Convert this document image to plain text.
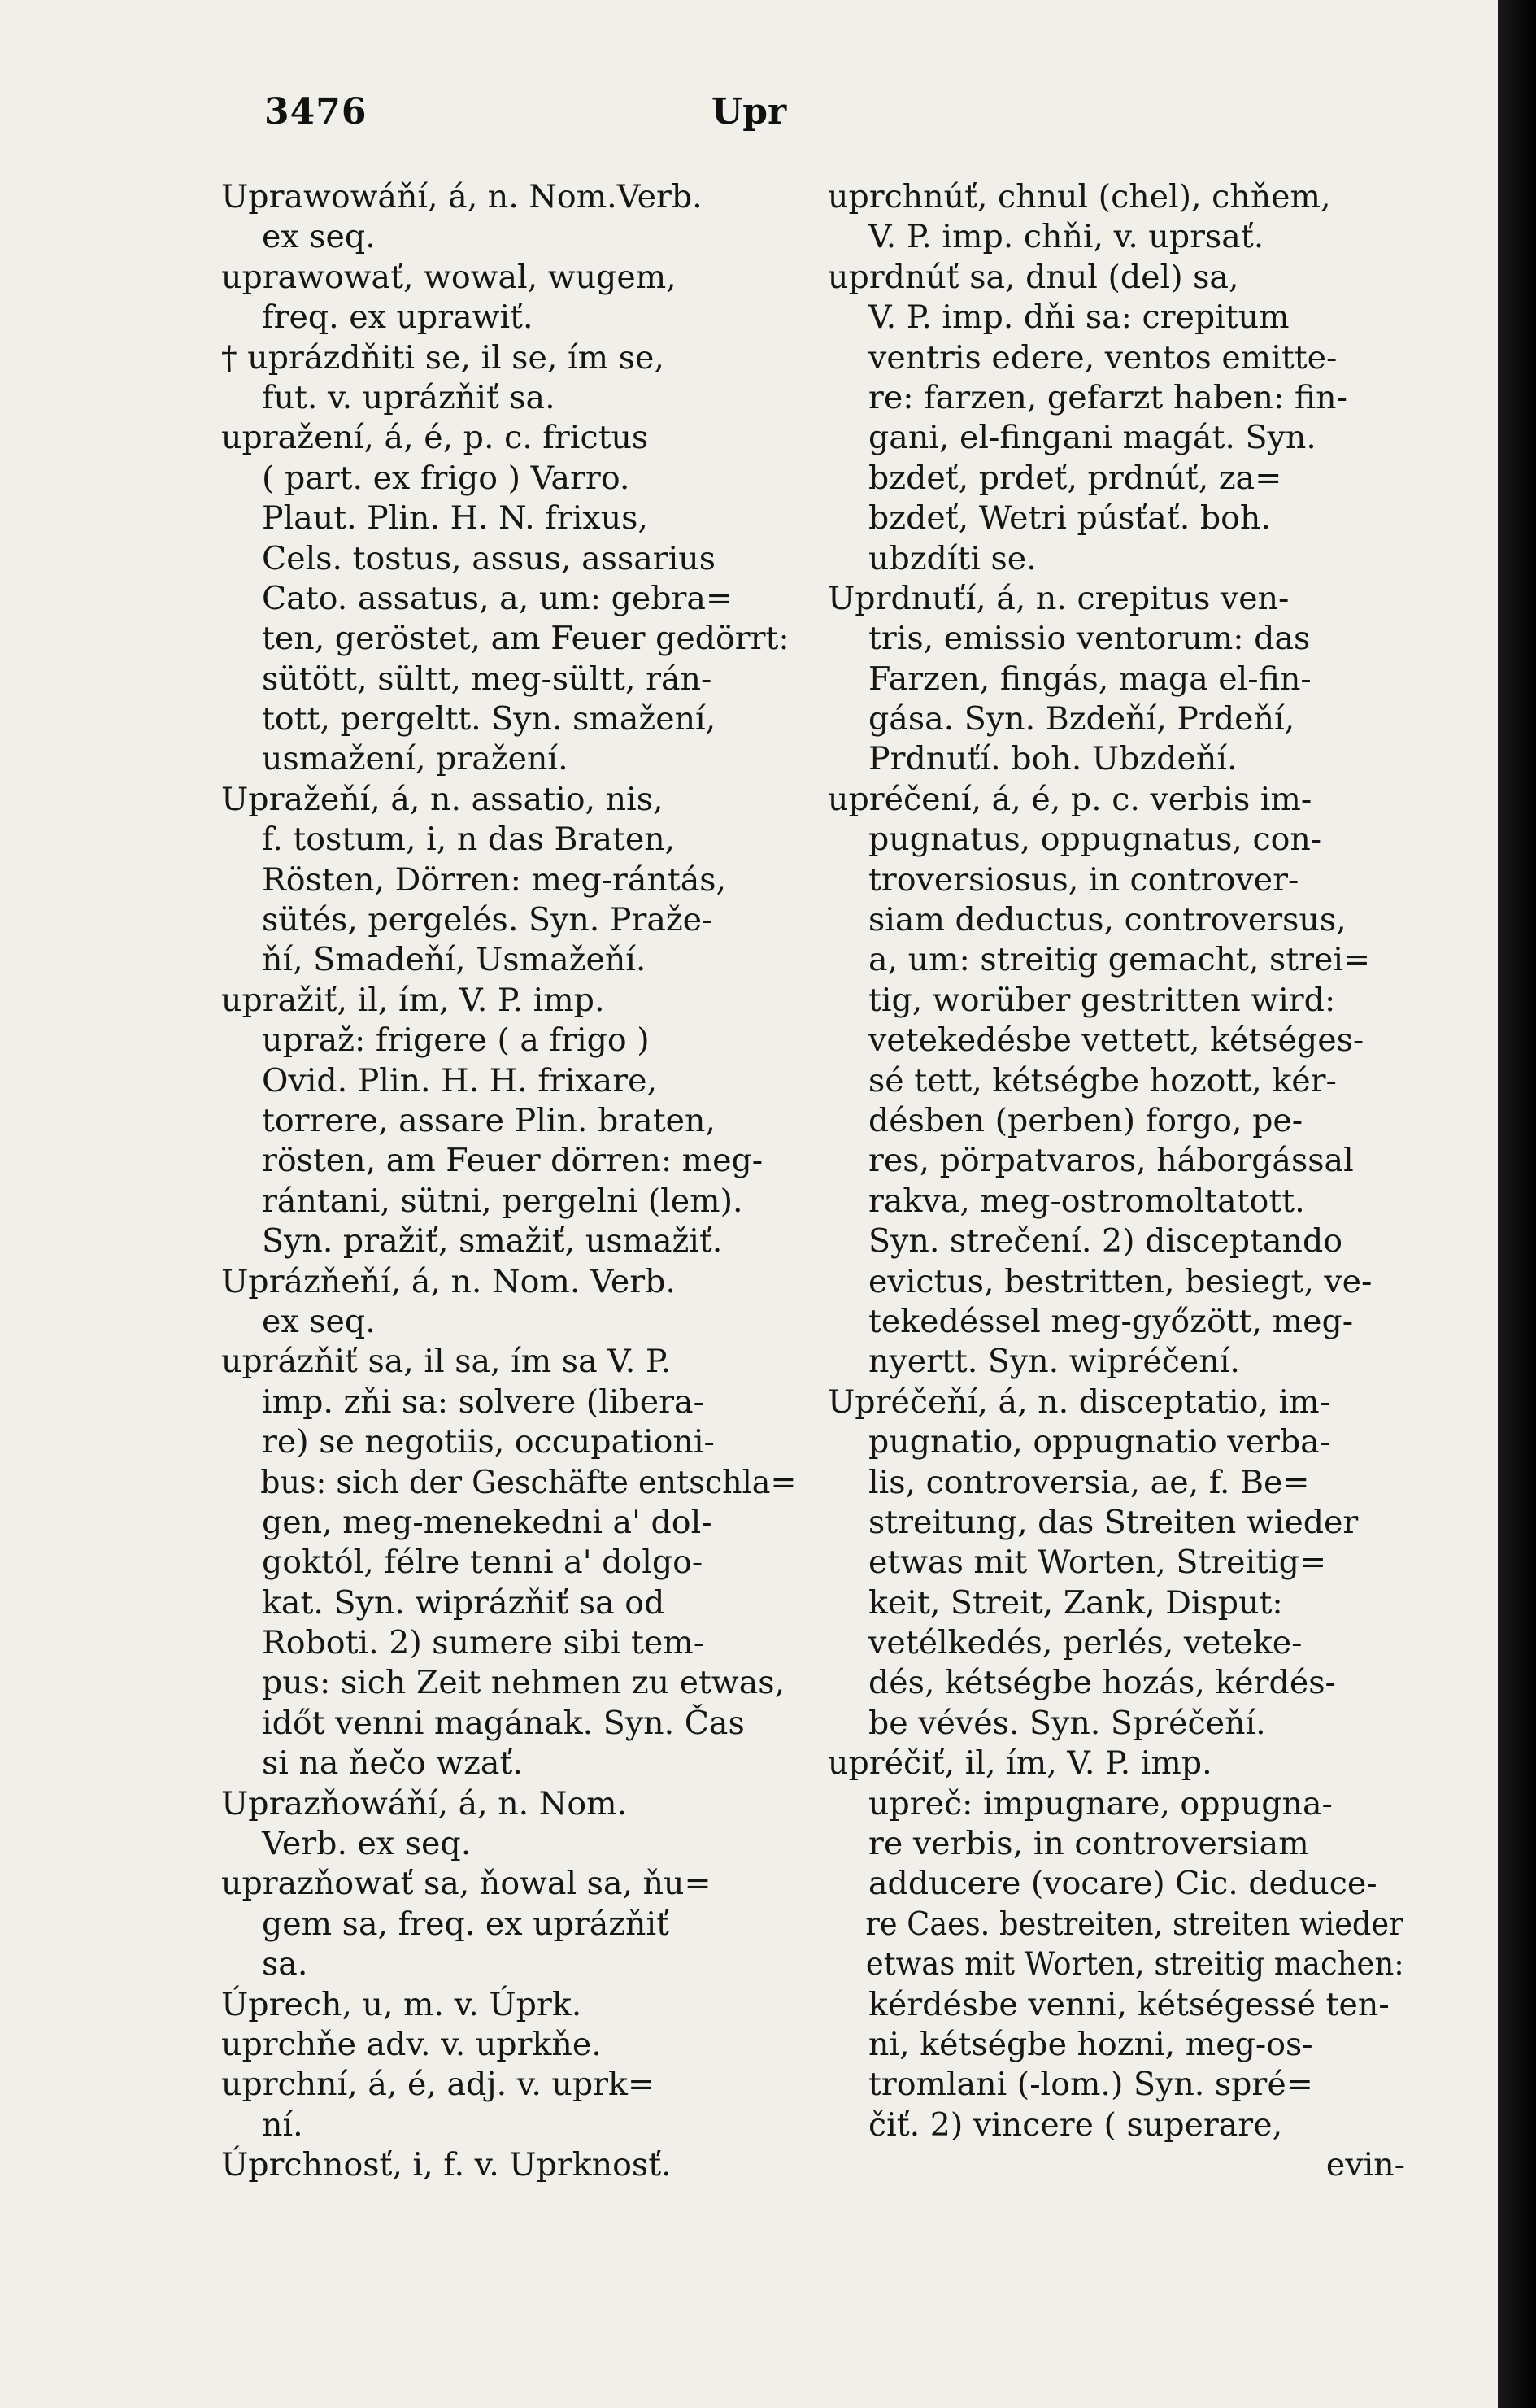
3476	Upr
Uprawowáňí, á, n. Nom.Verb.
ex seq.
uprawowať, wowal, wugem,
freq. ex uprawiť.
† uprázdňiti se, il se, ím se,
fut. v. uprázňiť sa.
upražení, á, é, p. c. frictus
( part. ex frigo ) Varro.
Plaut. Plin. H. N. frixus,
Cels. tostus, assus, assarius
Cato. assatus, a, um: gebra=
ten, geröstet, am Feuer gedörrt:
sütött, sültt, meg-sültt, rán-
tott, pergeltt. Syn. smažení,
usmažení, pražení.
Upražeňí, á, n. assatio, nis,
f. tostum, i, n das Braten,
Rösten, Dörren: meg-rántás,
sütés, pergelés. Syn. Praže-
ňí, Smadeňí, Usmažeňí.
upražiť, il, ím, V. P. imp.
upraž: frigere ( a frigo )
Ovid. Plin. H. H. frixare,
torrere, assare Plin. braten,
rösten, am Feuer dörren: meg-
rántani, sütni, pergelni (lem).
Syn. pražiť, smažiť, usmažiť.
Uprázňeňí, á, n. Nom. Verb.
ex seq.
uprázňiť sa, il sa, ím sa V. P.
imp. zňi sa: solvere (libera-
re) se negotiis, occupationi-
bus: sich der Geschäfte entschla=
gen, meg-menekedni a' dol-
goktól, félre tenni a' dolgo-
kat. Syn. wiprázňiť sa od
Roboti. 2) sumere sibi tem-
pus: sich Zeit nehmen zu etwas,
időt venni magának. Syn. Čas
si na ňečo wzať.
Uprazňowáňí, á, n. Nom.
Verb. ex seq.
uprazňowať sa, ňowal sa, ňu=
gem sa, freq. ex uprázňiť
sa.
Úprech, u, m. v. Úprk.
uprchňe adv. v. uprkňe.
uprchní, á, é, adj. v. uprk=
ní.
Úprchnosť, i, f. v. Uprknosť.
uprchnúť, chnul (chel), chňem,
V. P. imp. chňi, v. uprsať.
uprdnúť sa, dnul (del) sa,
V. P. imp. dňi sa: crepitum
ventris edere, ventos emitte-
re: farzen, gefarzt haben: fin-
gani, el-fingani magát. Syn.
bzdeť, prdeť, prdnúť, za=
bzdeť, Wetri púsťať. boh.
ubzdíti se.
Uprdnuťí, á, n. crepitus ven-
tris, emissio ventorum: das
Farzen, fingás, maga el-fin-
gása. Syn. Bzdeňí, Prdeňí,
Prdnuťí. boh. Ubzdeňí.
upréčení, á, é, p. c. verbis im-
pugnatus, oppugnatus, con-
troversiosus, in controver-
siam deductus, controversus,
a, um: streitig gemacht, strei=
tig, worüber gestritten wird:
vetekedésbe vettett, kétséges-
sé tett, kétségbe hozott, kér-
désben (perben) forgo, pe-
res, pörpatvaros, háborgással
rakva, meg-ostromoltatott.
Syn. strečení. 2) disceptando
evictus, bestritten, besiegt, ve-
tekedéssel meg-győzött, meg-
nyertt. Syn. wipréčení.
Upréčeňí, á, n. disceptatio, im-
pugnatio, oppugnatio verba-
lis, controversia, ae, f. Be=
streitung, das Streiten wieder
etwas mit Worten, Streitig=
keit, Streit, Zank, Disput:
vetélkedés, perlés, veteke-
dés, kétségbe hozás, kérdés-
be vévés. Syn. Spréčeňí.
upréčiť, il, ím, V. P. imp.
upreč: impugnare, oppugna-
re verbis, in controversiam
adducere (vocare) Cic. deduce-
re Caes. bestreiten, streiten wieder
etwas mit Worten, streitig machen:
kérdésbe venni, kétségessé ten-
ni, kétségbe hozni, meg-os-
tromlani (-lom.) Syn. spré=
čiť. 2) vincere ( superare,
evin-
